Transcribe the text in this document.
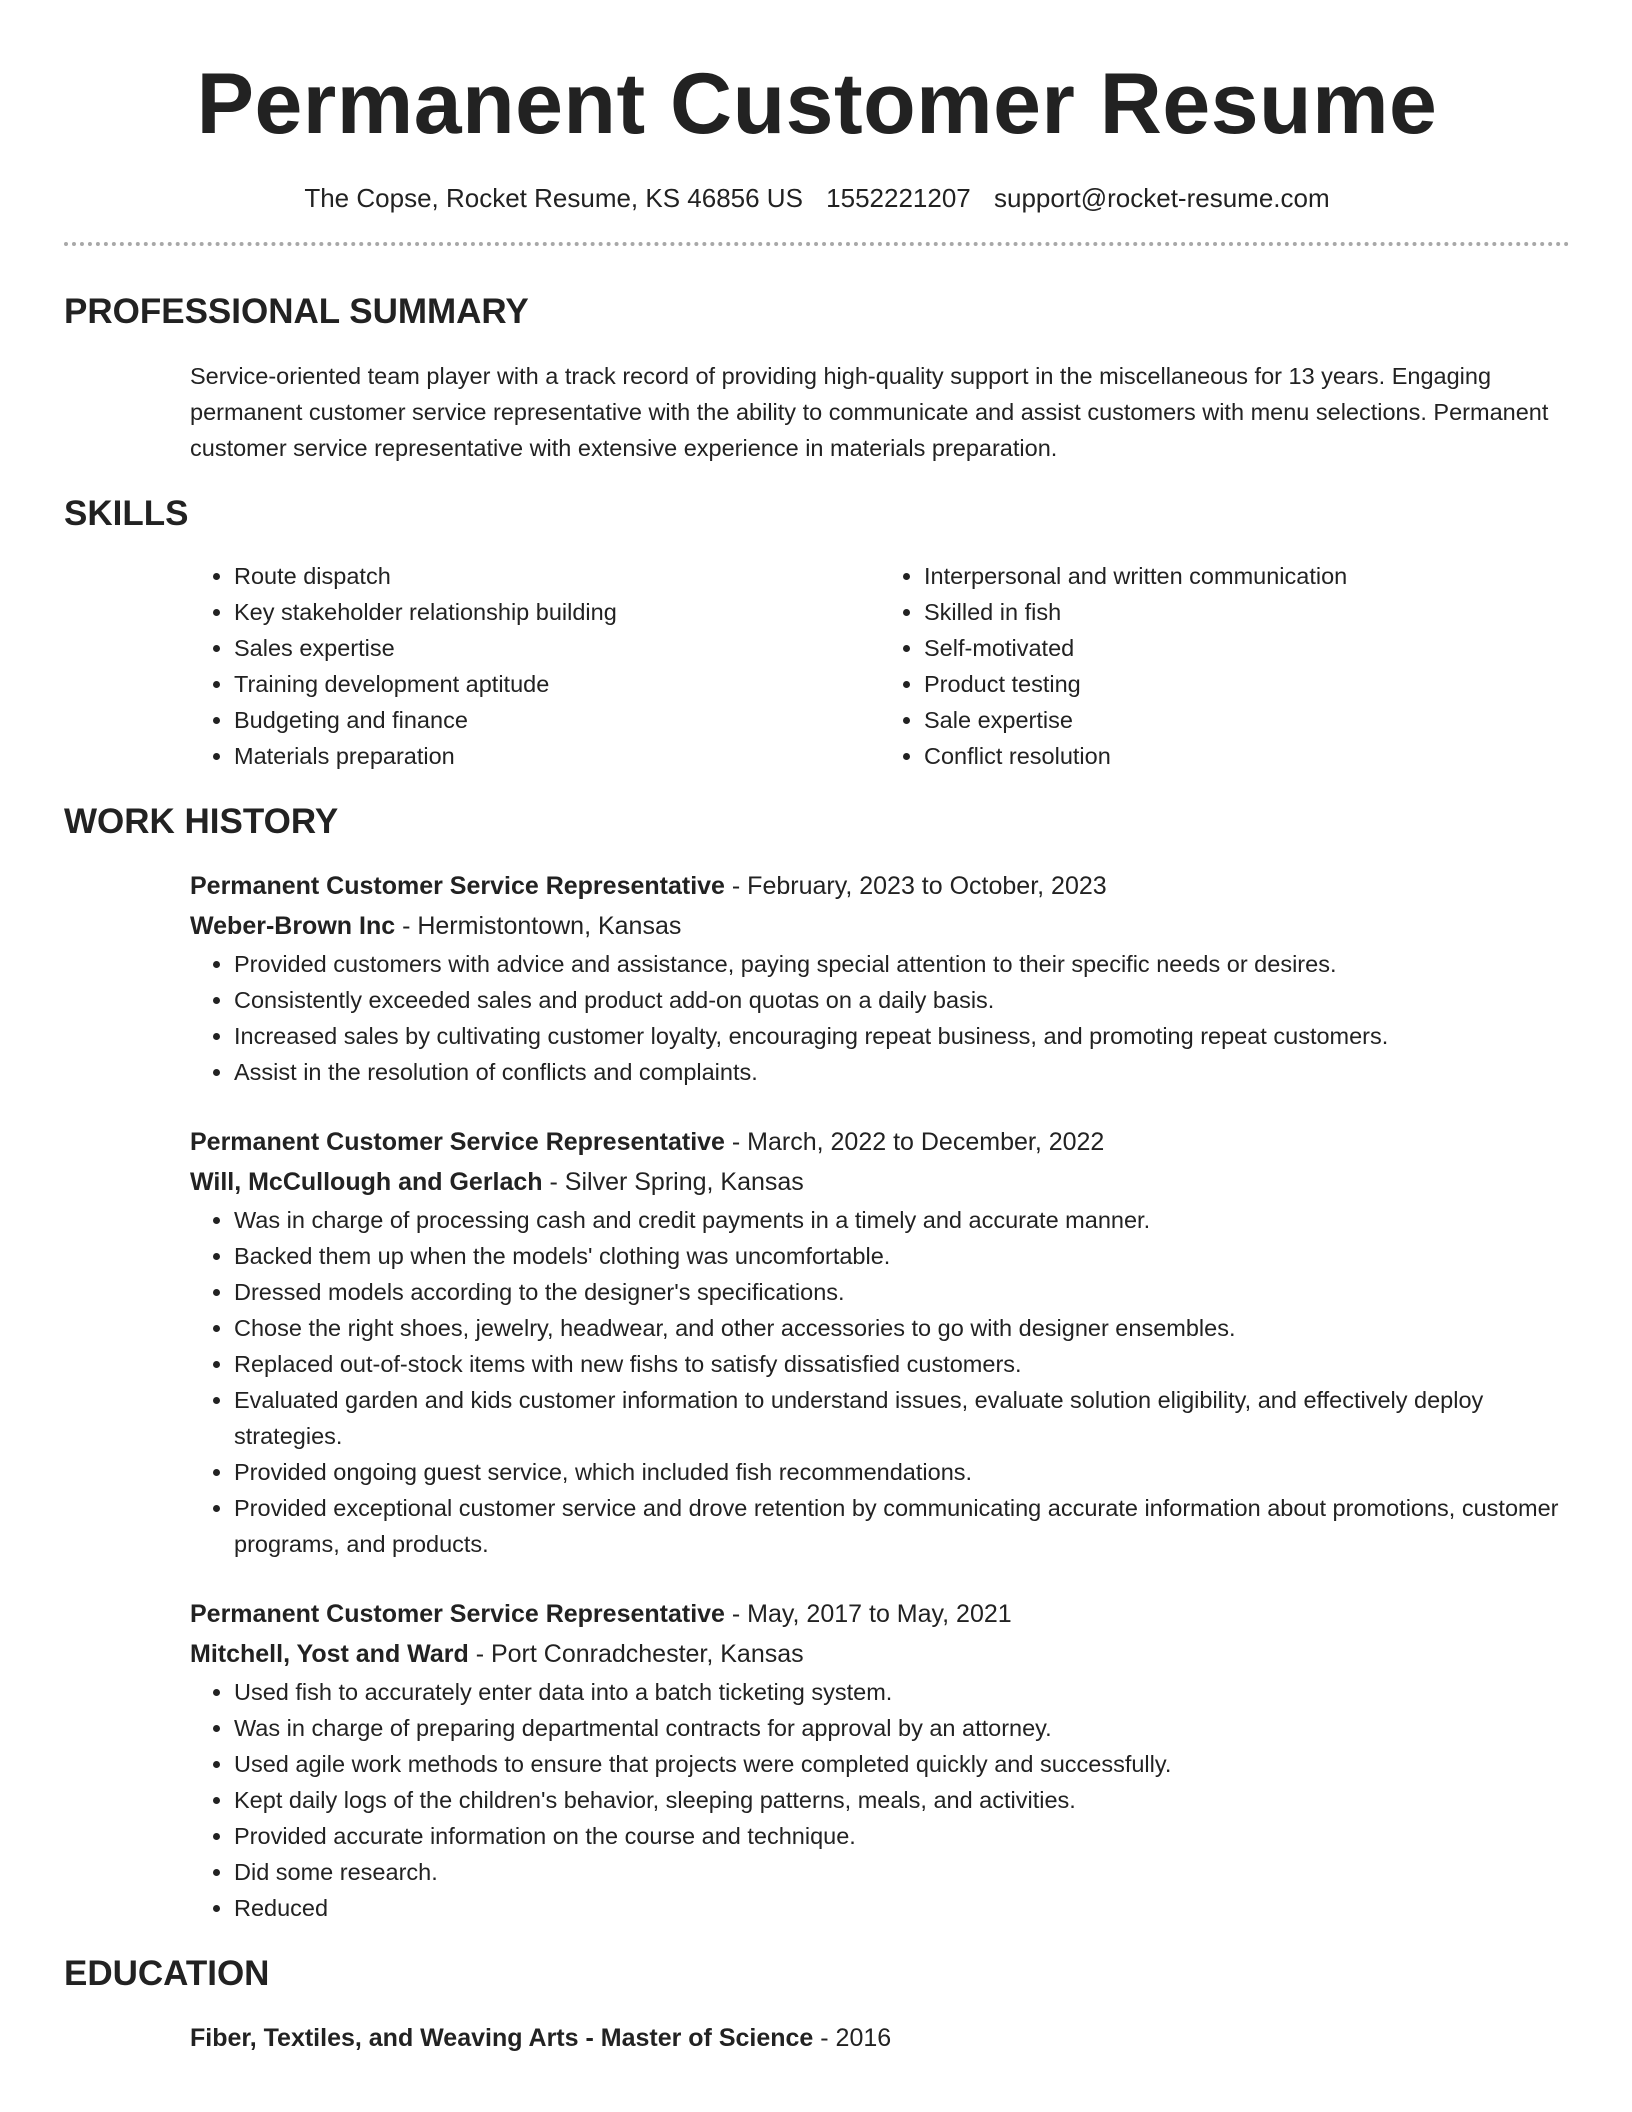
Permanent Customer Resume
The Copse, Rocket Resume, KS 46856 US 1552221207 support@rocket-resume.com
PROFESSIONAL SUMMARY
Service-oriented team player with a track record of providing high-quality support in the miscellaneous for 13 years. Engaging permanent customer service representative with the ability to communicate and assist customers with menu selections. Permanent customer service representative with extensive experience in materials preparation.
SKILLS
• Route dispatch
• Key stakeholder relationship building
• Sales expertise
• Training development aptitude
• Budgeting and finance
• Materials preparation
• Interpersonal and written communication
• Skilled in fish
• Self-motivated
• Product testing
• Sale expertise
• Conflict resolution
WORK HISTORY
Permanent Customer Service Representative - February, 2023 to October, 2023
Weber-Brown Inc - Hermistontown, Kansas
• Provided customers with advice and assistance, paying special attention to their specific needs or desires.
• Consistently exceeded sales and product add-on quotas on a daily basis.
• Increased sales by cultivating customer loyalty, encouraging repeat business, and promoting repeat customers.
• Assist in the resolution of conflicts and complaints.
Permanent Customer Service Representative - March, 2022 to December, 2022
Will, McCullough and Gerlach - Silver Spring, Kansas
• Was in charge of processing cash and credit payments in a timely and accurate manner.
• Backed them up when the models' clothing was uncomfortable.
• Dressed models according to the designer's specifications.
• Chose the right shoes, jewelry, headwear, and other accessories to go with designer ensembles.
• Replaced out-of-stock items with new fishs to satisfy dissatisfied customers.
• Evaluated garden and kids customer information to understand issues, evaluate solution eligibility, and effectively deploy strategies.
• Provided ongoing guest service, which included fish recommendations.
• Provided exceptional customer service and drove retention by communicating accurate information about promotions, customer programs, and products.
Permanent Customer Service Representative - May, 2017 to May, 2021
Mitchell, Yost and Ward - Port Conradchester, Kansas
• Used fish to accurately enter data into a batch ticketing system.
• Was in charge of preparing departmental contracts for approval by an attorney.
• Used agile work methods to ensure that projects were completed quickly and successfully.
• Kept daily logs of the children's behavior, sleeping patterns, meals, and activities.
• Provided accurate information on the course and technique.
• Did some research.
• Reduced
EDUCATION
Fiber, Textiles, and Weaving Arts - Master of Science - 2016
